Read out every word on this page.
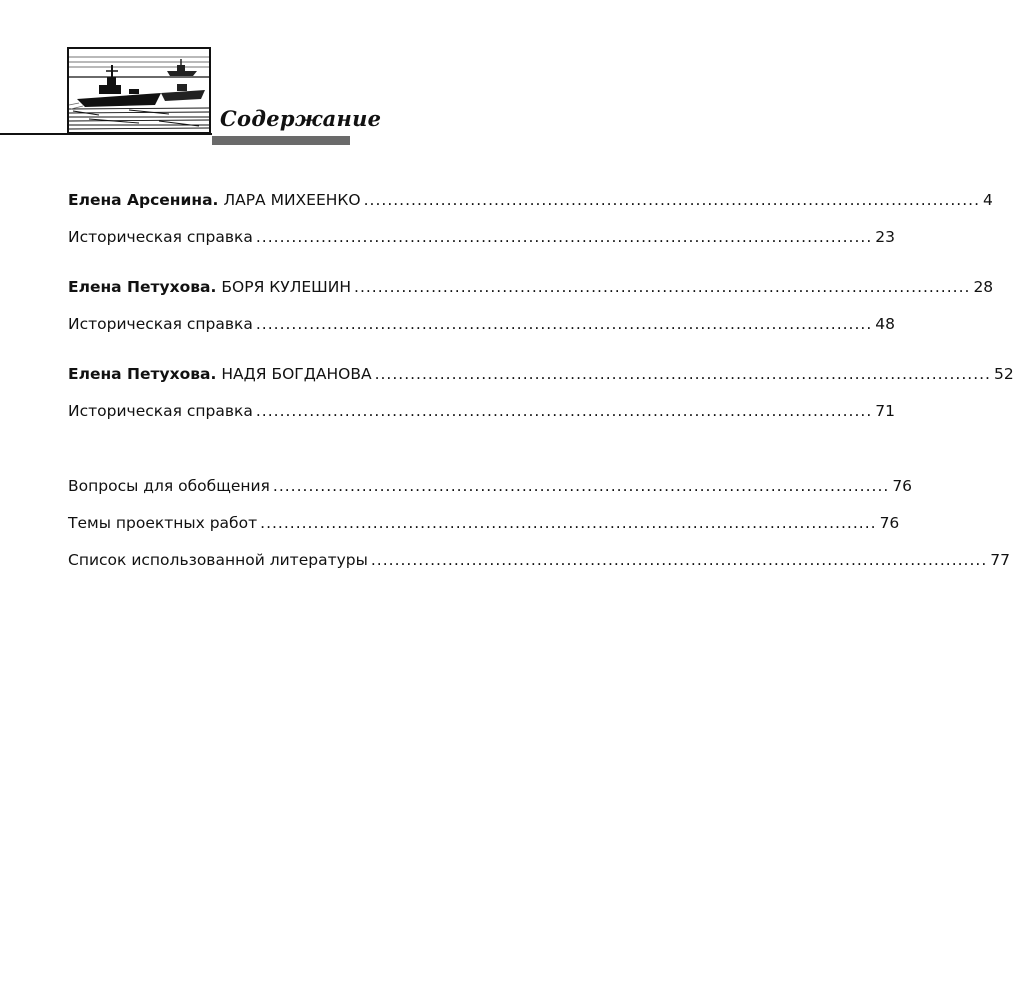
Содержание
Елена Арсенина. ЛАРА МИХЕЕНКО ........................................................................................................ 4
Историческая справка ........................................................................................................ 23
Елена Петухова. БОРЯ КУЛЕШИН ........................................................................................................ 28
Историческая справка ........................................................................................................ 48
Елена Петухова. НАДЯ БОГДАНОВА ........................................................................................................ 52
Историческая справка ........................................................................................................ 71
Вопросы для обобщения ........................................................................................................ 76
Темы проектных работ ........................................................................................................ 76
Список использованной литературы ........................................................................................................ 77
